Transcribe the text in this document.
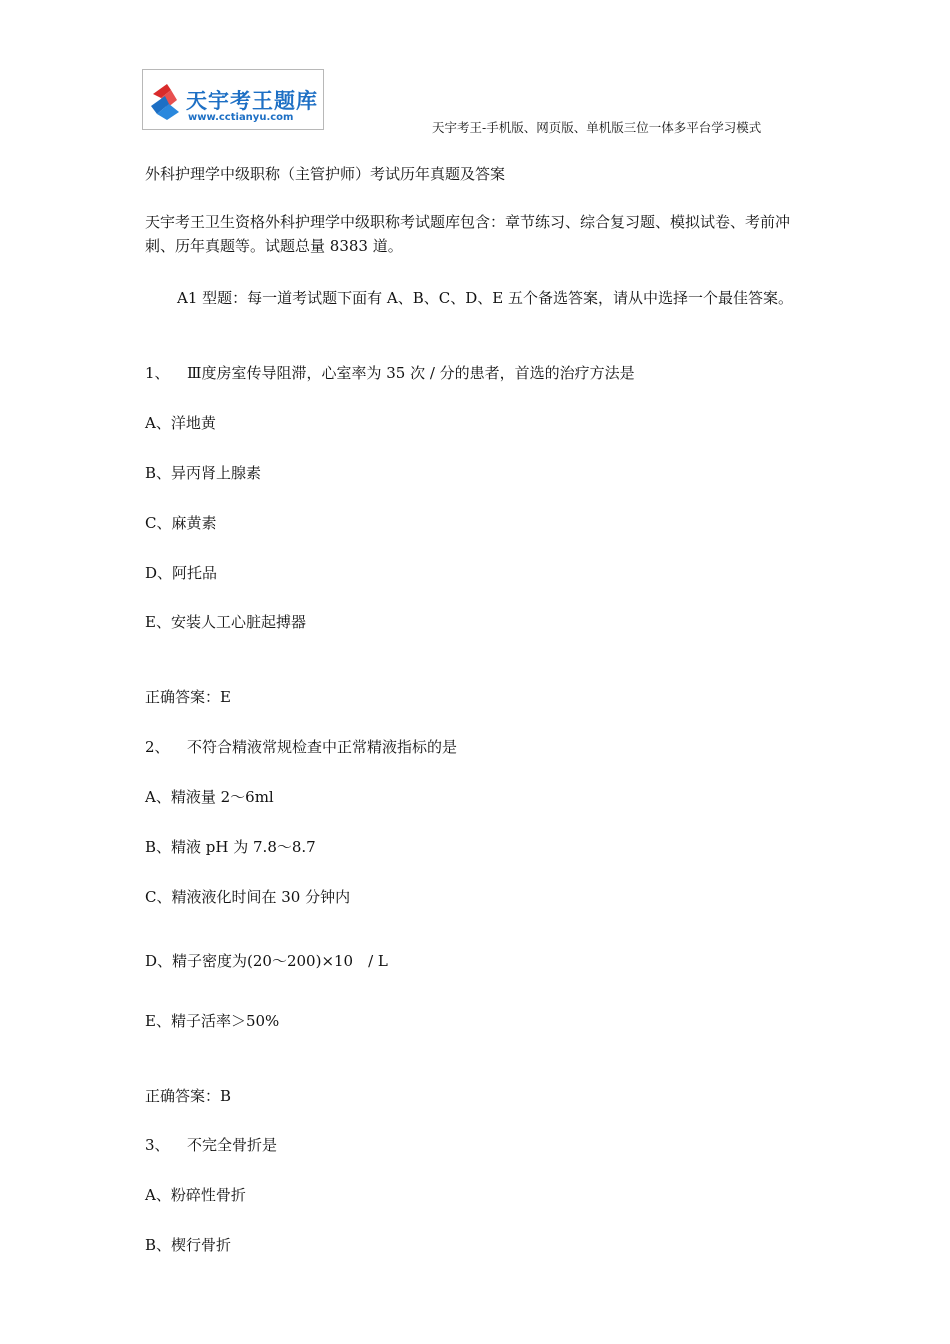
天宇考王题库
www.cctianyu.com
天宇考王-手机版、网页版、单机版三位一体多平台学习模式
外科护理学中级职称（主管护师）考试历年真题及答案
天宇考王卫生资格外科护理学中级职称考试题库包含：章节练习、综合复习题、模拟试卷、考前冲刺、历年真题等。试题总量 8383 道。
A1 型题：每一道考试题下面有 A、B、C、D、E 五个备选答案，请从中选择一个最佳答案。
1、 Ⅲ度房室传导阻滞，心室率为 35 次 / 分的患者，首选的治疗方法是
A、洋地黄
B、异丙肾上腺素
C、麻黄素
D、阿托品
E、安装人工心脏起搏器
正确答案：E
2、 不符合精液常规检查中正常精液指标的是
A、精液量 2～6ml
B、精液 pH 为 7.8～8.7
C、精液液化时间在 30 分钟内
D、精子密度为(20～200)×10　/ L
E、精子活率＞50%
正确答案：B
3、 不完全骨折是
A、粉碎性骨折
B、楔行骨折
